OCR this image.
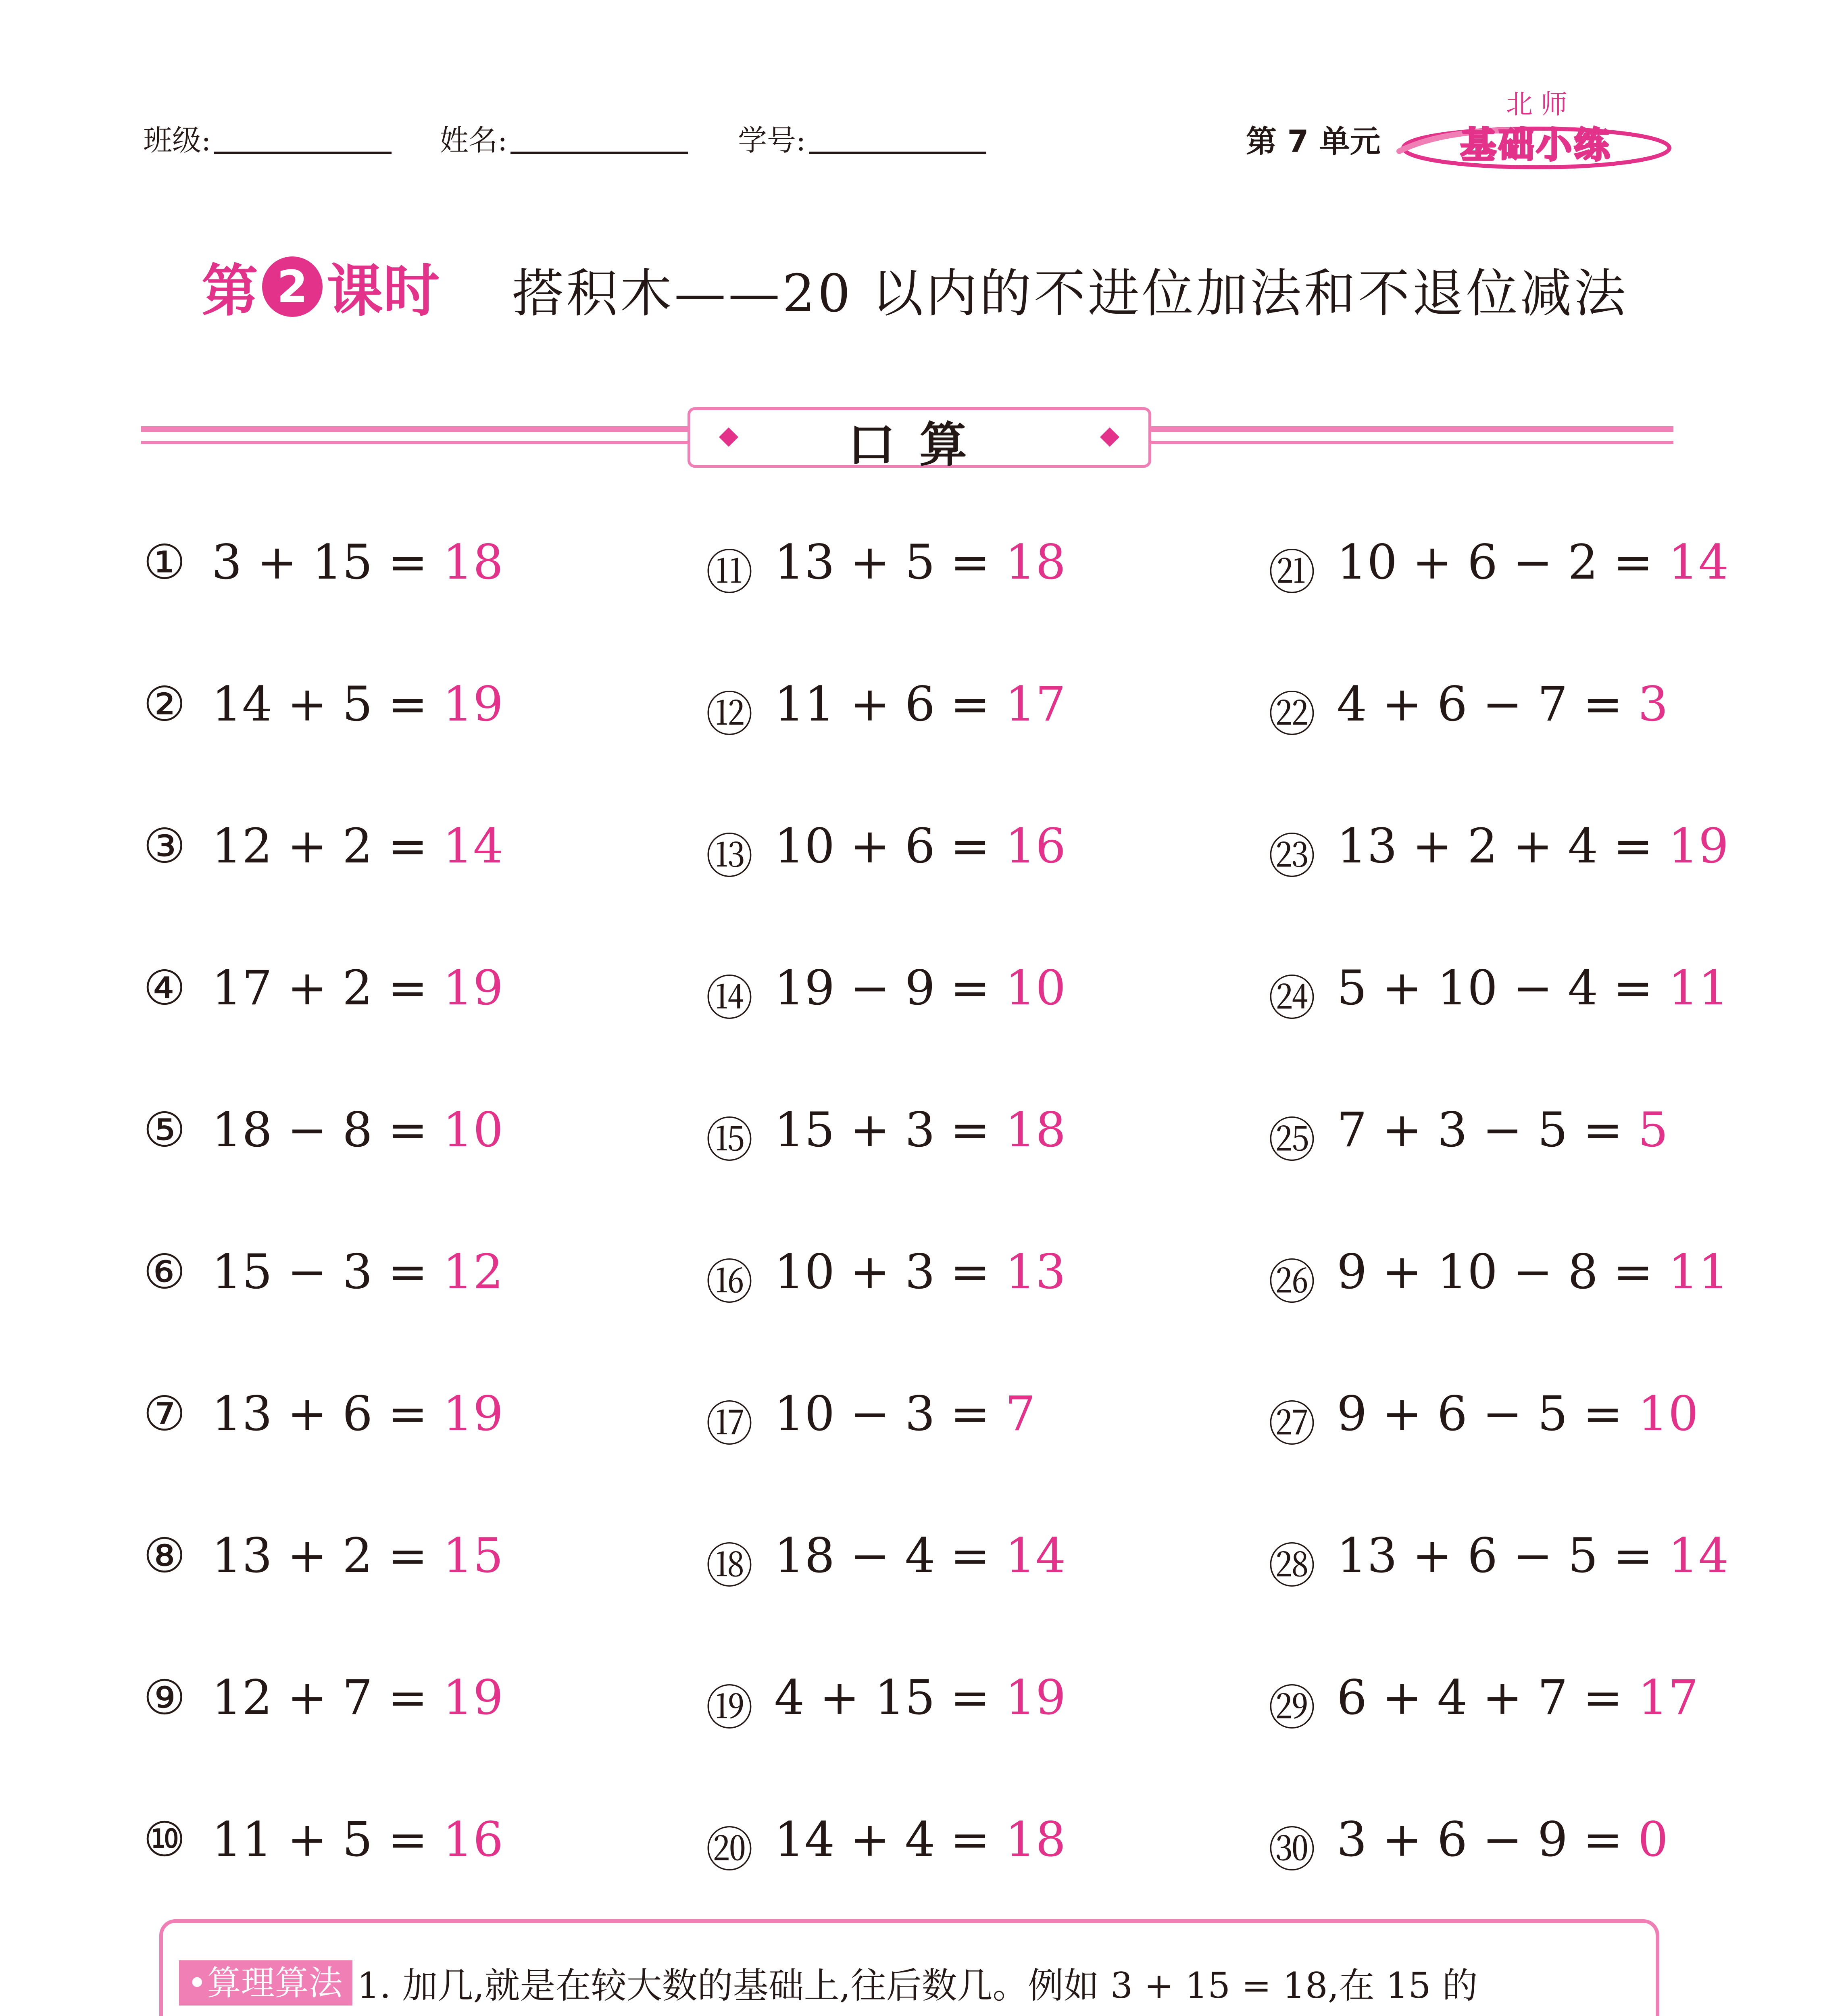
班级:	姓名:	学号:	第 7 单元
北师
基础小练
第 2 课时 搭积木——20 以内的不进位加法和不退位减法
口算
① 3 + 15 =
18
② 14 + 5 =
19
③ 12 + 2 =
14
④ 17 + 2 =
19
⑤ 18 − 8 =
10
⑥ 15 − 3 =
12
⑦ 13 + 6 =
19
⑧ 13 + 2 =
15
⑨ 12 + 7 =
19
⑩ 11 + 5 =
16
⑪ 13 + 5 =
18
⑫ 11 + 6 =
17
⑬ 10 + 6 =
16
⑭ 19 − 9 =
10
⑮ 15 + 3 =
18
⑯ 10 + 3 =
13
⑰ 10 − 3 =
7
⑱ 18 − 4 =
14
⑲ 4 + 15 =
19
⑳ 14 + 4 =
18
㉑ 10 + 6 − 2 =
14
㉒ 4 + 6 − 7 =
3
㉓ 13 + 2 + 4 =
19
㉔ 5 + 10 − 4 =
11
㉕ 7 + 3 − 5 =
5
㉖ 9 + 10 − 8 =
11
㉗ 9 + 6 − 5 =
10
㉘ 13 + 6 − 5 =
14
㉙ 6 + 4 + 7 =
17
㉚ 3 + 6 − 9 =
0

•算理算法 1. 加几,就是在较大数的基础上,往后数几。例如 3 + 15 = 18,在 15 的
